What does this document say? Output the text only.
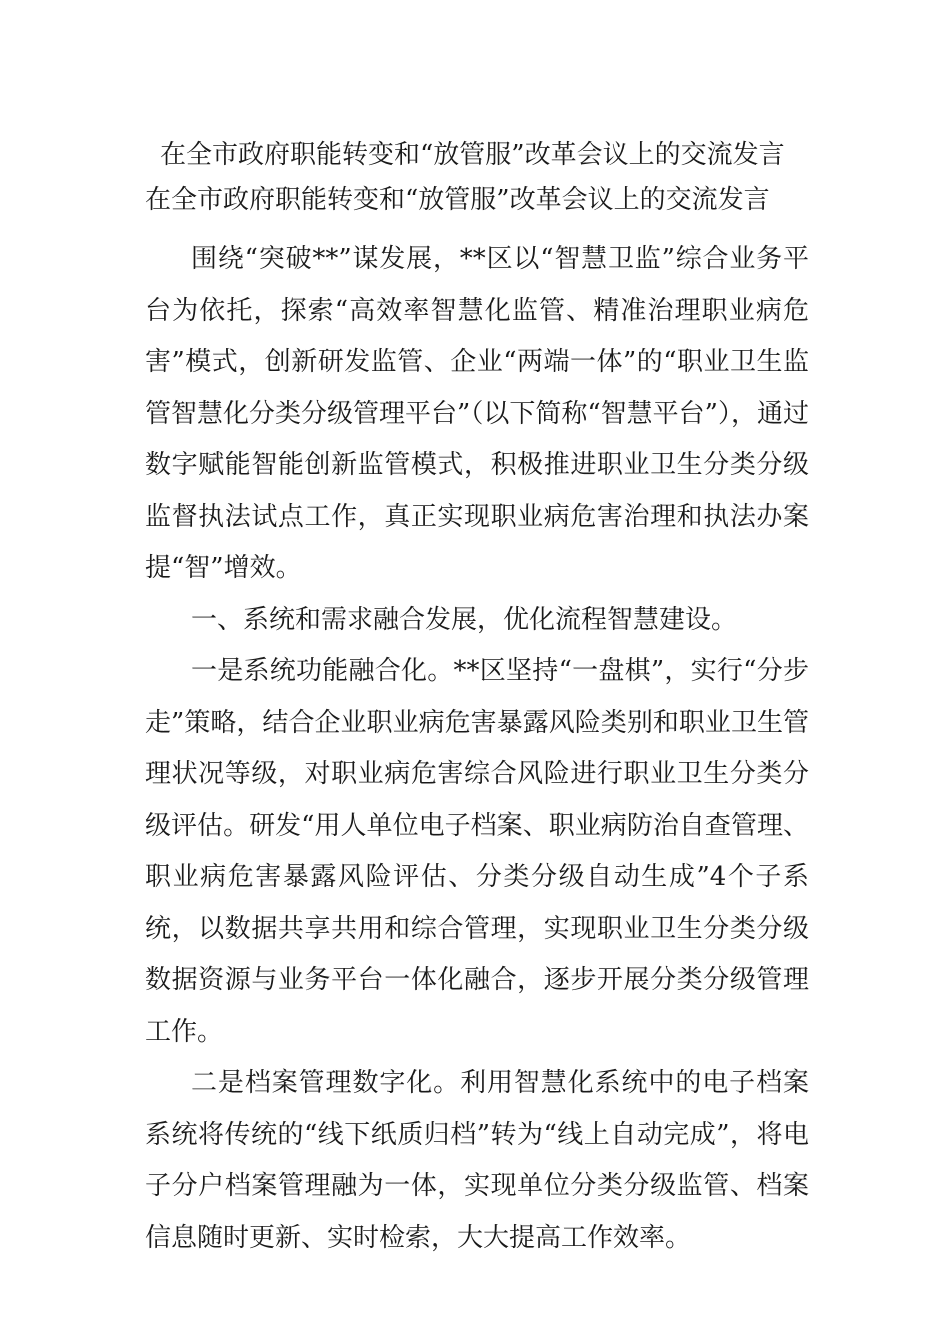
在全市政府职能转变和“放管服”改革会议上的交流发言
在全市政府职能转变和“放管服”改革会议上的交流发言

围绕“突破**”谋发展，**区以“智慧卫监”综合业务平台为依托，探索“高效率智慧化监管、精准治理职业病危害”模式，创新研发监管、企业“两端一体”的“职业卫生监管智慧化分类分级管理平台”（以下简称“智慧平台”），通过数字赋能智能创新监管模式，积极推进职业卫生分类分级监督执法试点工作，真正实现职业病危害治理和执法办案提“智”增效。

一、系统和需求融合发展，优化流程智慧建设。

一是系统功能融合化。**区坚持“一盘棋”，实行“分步走”策略，结合企业职业病危害暴露风险类别和职业卫生管理状况等级，对职业病危害综合风险进行职业卫生分类分级评估。研发“用人单位电子档案、职业病防治自查管理、职业病危害暴露风险评估、分类分级自动生成”4个子系统，以数据共享共用和综合管理，实现职业卫生分类分级数据资源与业务平台一体化融合，逐步开展分类分级管理工作。

二是档案管理数字化。利用智慧化系统中的电子档案系统将传统的“线下纸质归档”转为“线上自动完成”，将电子分户档案管理融为一体，实现单位分类分级监管、档案信息随时更新、实时检索，大大提高工作效率。
